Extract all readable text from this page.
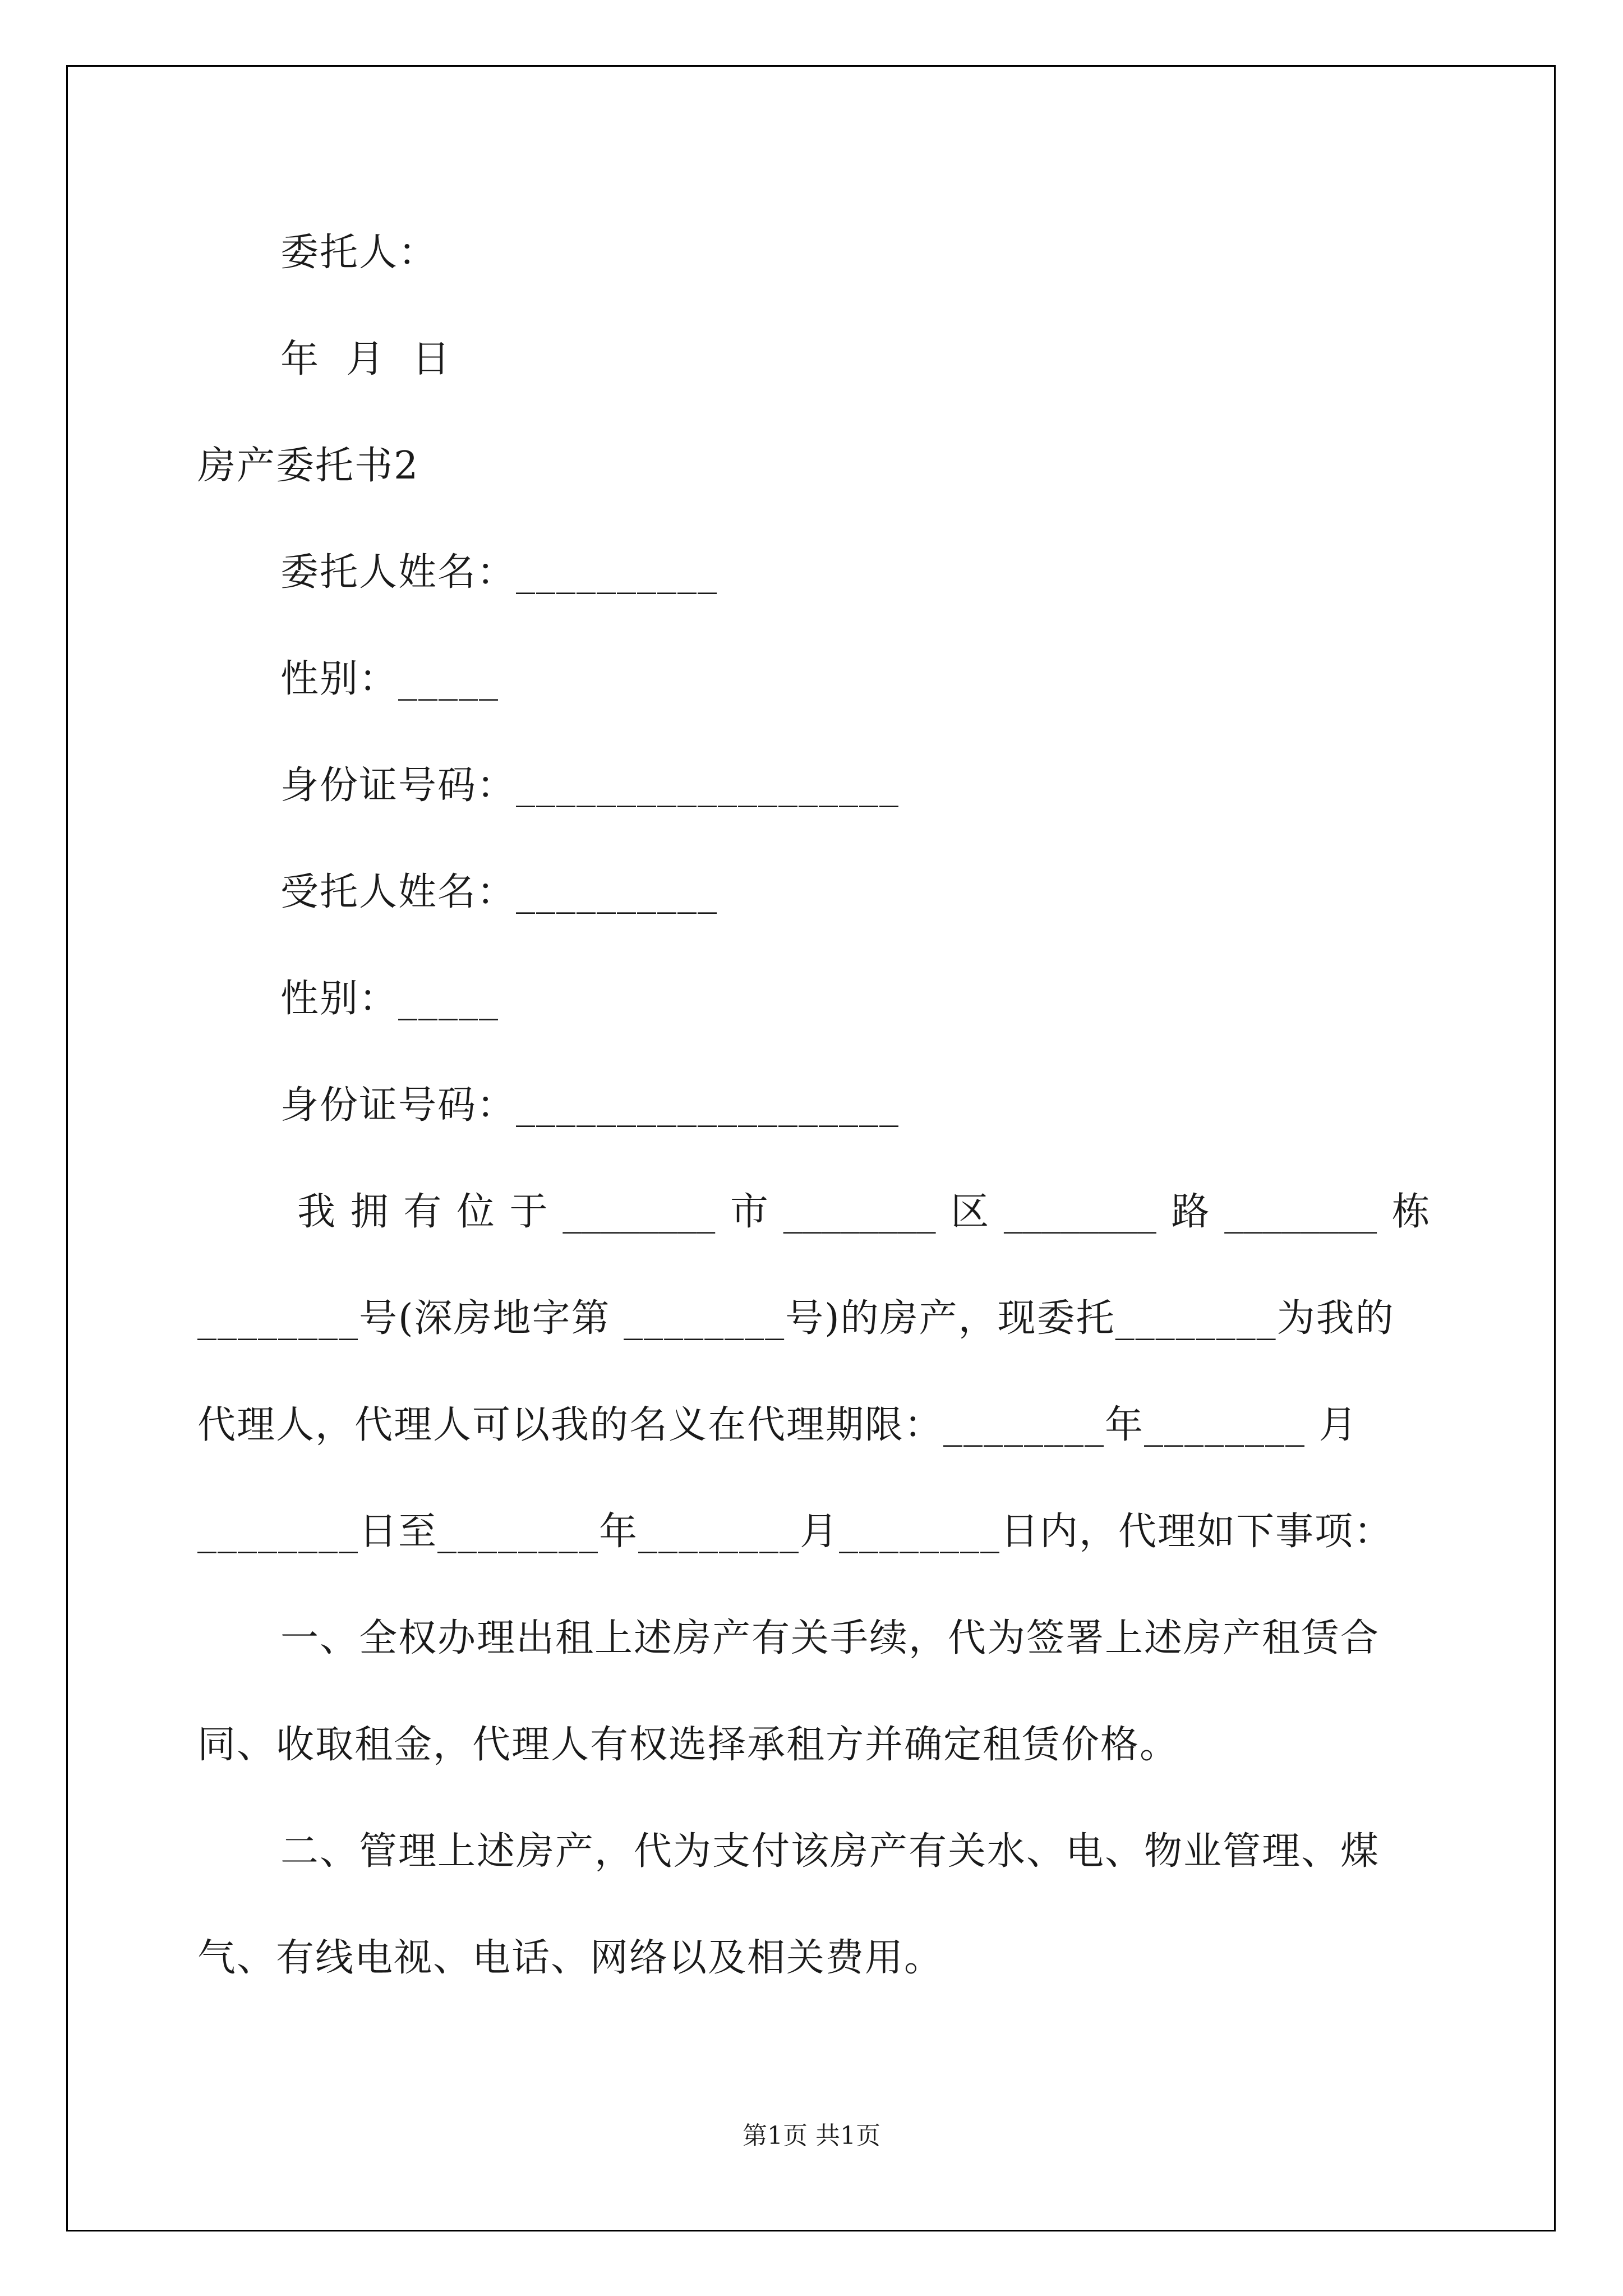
委托人：
年  月  日
房产委托书2
委托人姓名：__________
性别：_____
身份证号码：___________________
受托人姓名：__________
性别：_____
身份证号码：___________________
我 拥 有 位 于 ________ 市 ________ 区 ________ 路 ________ 栋
________号(深房地字第 ________号)的房产，现委托________为我的
代理人，代理人可以我的名义在代理期限：________年________ 月
________日至________年________月________日内，代理如下事项：
一、全权办理出租上述房产有关手续，代为签署上述房产租赁合
同、收取租金，代理人有权选择承租方并确定租赁价格。
二、管理上述房产，代为支付该房产有关水、电、物业管理、煤
气、有线电视、电话、网络以及相关费用。
第1页 共1页
